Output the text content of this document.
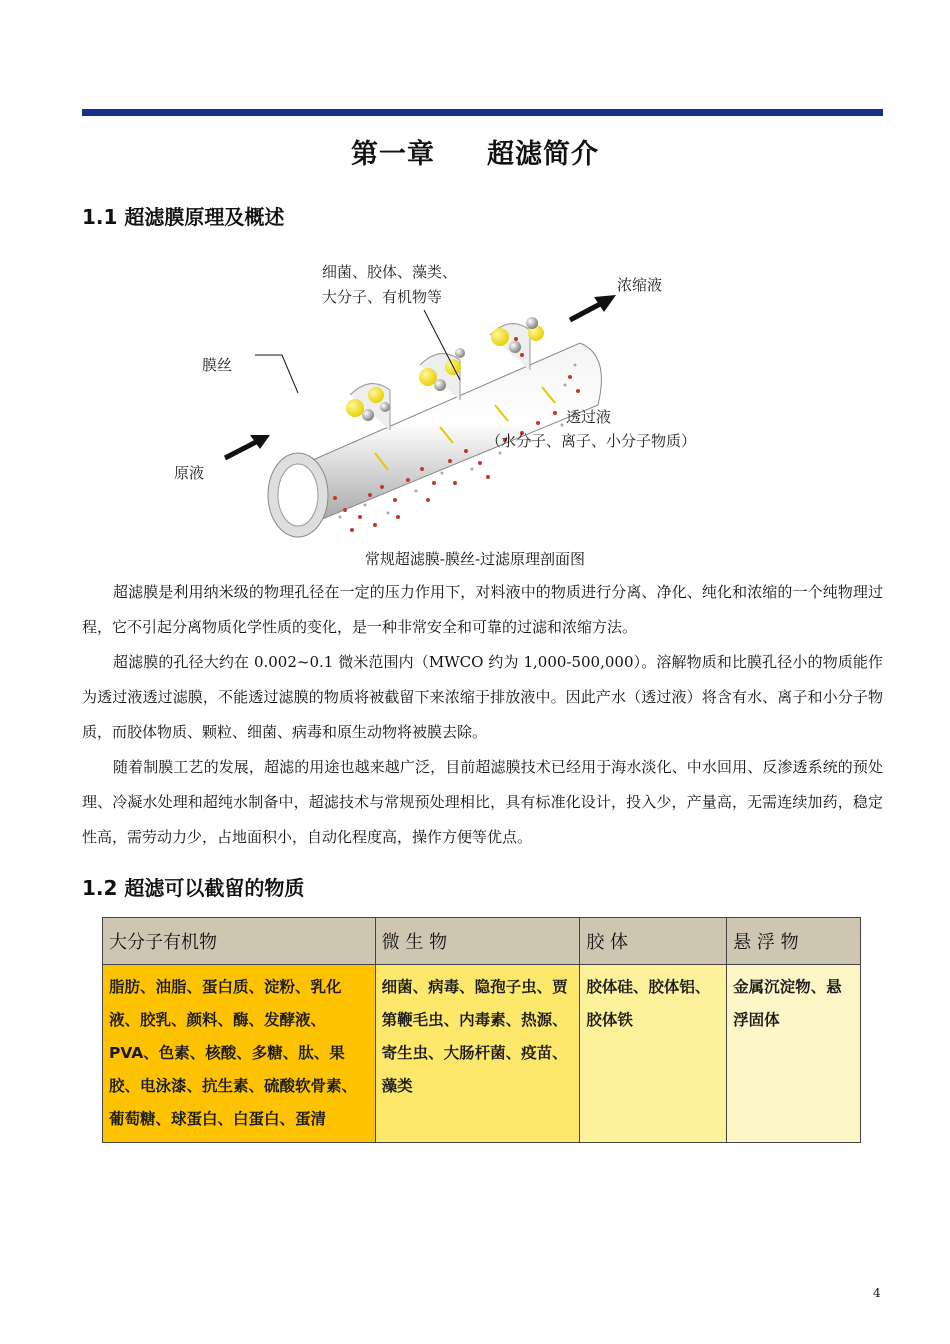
第一章     超滤简介
1.1 超滤膜原理及概述
细菌、胶体、藻类、
大分子、有机物等
浓缩液
膜丝
透过液
（水分子、离子、小分子物质）
原液
常规超滤膜-膜丝-过滤原理剖面图

超滤膜是利用纳米级的物理孔径在一定的压力作用下，对料液中的物质进行分离、净化、纯化和浓缩的一个纯物理过程，它不引起分离物质化学性质的变化，是一种非常安全和可靠的过滤和浓缩方法。

超滤膜的孔径大约在 0.002~0.1 微米范围内（MWCO 约为 1,000-500,000）。溶解物质和比膜孔径小的物质能作为透过液透过滤膜，不能透过滤膜的物质将被截留下来浓缩于排放液中。因此产水（透过液）将含有水、离子和小分子物质，而胶体物质、颗粒、细菌、病毒和原生动物将被膜去除。

随着制膜工艺的发展，超滤的用途也越来越广泛，目前超滤膜技术已经用于海水淡化、中水回用、反渗透系统的预处理、冷凝水处理和超纯水制备中，超滤技术与常规预处理相比，具有标准化设计，投入少，产量高，无需连续加药，稳定性高，需劳动力少，占地面积小，自动化程度高，操作方便等优点。

1.2 超滤可以截留的物质
大分子有机物	微 生 物	胶 体	悬 浮 物
脂肪、油脂、蛋白质、淀粉、乳化液、胶乳、颜料、酶、发酵液、PVA、色素、核酸、多糖、肽、果胶、电泳漆、抗生素、硫酸软骨素、葡萄糖、球蛋白、白蛋白、蛋清	细菌、病毒、隐孢子虫、贾第鞭毛虫、内毒素、热源、寄生虫、大肠杆菌、疫苗、藻类	胶体硅、胶体铝、胶体铁	金属沉淀物、悬浮固体
4
